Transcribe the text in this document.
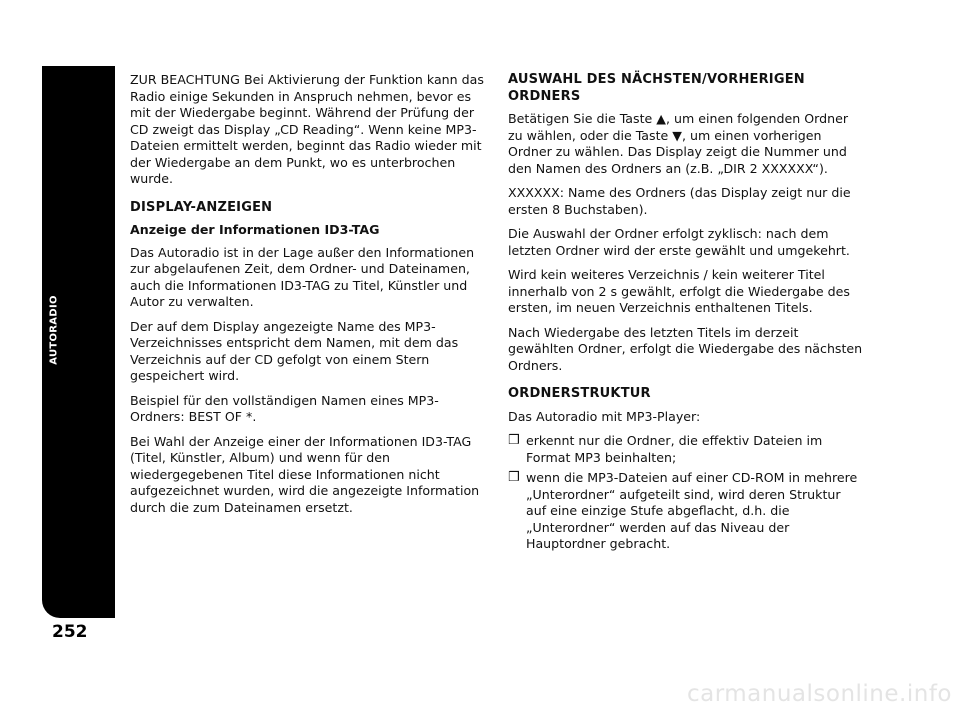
AUTORADIO
252

ZUR BEACHTUNG Bei Aktivierung der Funktion kann das Radio einige Sekunden in Anspruch nehmen, bevor es mit der Wiedergabe beginnt. Während der Prüfung der CD zweigt das Display „CD Reading“. Wenn keine MP3-Dateien ermittelt werden, beginnt das Radio wieder mit der Wiedergabe an dem Punkt, wo es unterbrochen wurde.

DISPLAY-ANZEIGEN
Anzeige der Informationen ID3-TAG

Das Autoradio ist in der Lage außer den Informationen zur abgelaufenen Zeit, dem Ordner- und Dateinamen, auch die Informationen ID3-TAG zu Titel, Künstler und Autor zu verwalten.

Der auf dem Display angezeigte Name des MP3-Verzeichnisses entspricht dem Namen, mit dem das Verzeichnis auf der CD gefolgt von einem Stern gespeichert wird.

Beispiel für den vollständigen Namen eines MP3-Ordners: BEST OF *.

Bei Wahl der Anzeige einer der Informationen ID3-TAG (Titel, Künstler, Album) und wenn für den wiedergegebenen Titel diese Informationen nicht aufgezeichnet wurden, wird die angezeigte Information durch die zum Dateinamen ersetzt.

AUSWAHL DES NÄCHSTEN/VORHERIGEN ORDNERS

Betätigen Sie die Taste ▲, um einen folgenden Ordner zu wählen, oder die Taste ▼, um einen vorherigen Ordner zu wählen. Das Display zeigt die Nummer und den Namen des Ordners an (z.B. „DIR 2 XXXXXX“).

XXXXXX: Name des Ordners (das Display zeigt nur die ersten 8 Buchstaben).

Die Auswahl der Ordner erfolgt zyklisch: nach dem letzten Ordner wird der erste gewählt und umgekehrt.

Wird kein weiteres Verzeichnis / kein weiterer Titel innerhalb von 2 s gewählt, erfolgt die Wiedergabe des ersten, im neuen Verzeichnis enthaltenen Titels.

Nach Wiedergabe des letzten Titels im derzeit gewählten Ordner, erfolgt die Wiedergabe des nächsten Ordners.

ORDNERSTRUKTUR

Das Autoradio mit MP3-Player:

❒ erkennt nur die Ordner, die effektiv Dateien im Format MP3 beinhalten;
❒ wenn die MP3-Dateien auf einer CD-ROM in mehrere „Unterordner“ aufgeteilt sind, wird deren Struktur auf eine einzige Stufe abgeflacht, d.h. die „Unterordner“ werden auf das Niveau der Hauptordner gebracht.
carmanualsonline.info
